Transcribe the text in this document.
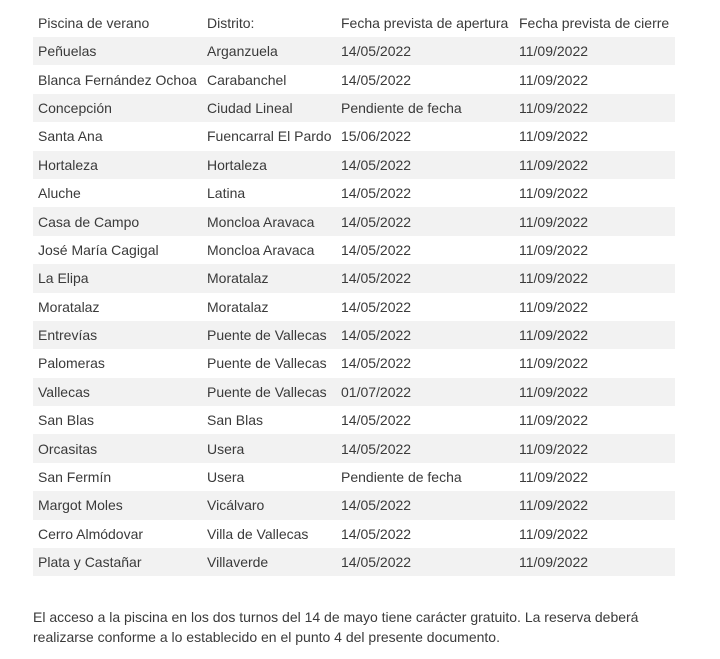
Piscina de verano	Distrito:	Fecha prevista de apertura	Fecha prevista de cierre
Peñuelas	Arganzuela	14/05/2022	11/09/2022
Blanca Fernández Ochoa	Carabanchel	14/05/2022	11/09/2022
Concepción	Ciudad Lineal	Pendiente de fecha	11/09/2022
Santa Ana	Fuencarral El Pardo	15/06/2022	11/09/2022
Hortaleza	Hortaleza	14/05/2022	11/09/2022
Aluche	Latina	14/05/2022	11/09/2022
Casa de Campo	Moncloa Aravaca	14/05/2022	11/09/2022
José María Cagigal	Moncloa Aravaca	14/05/2022	11/09/2022
La Elipa	Moratalaz	14/05/2022	11/09/2022
Moratalaz	Moratalaz	14/05/2022	11/09/2022
Entrevías	Puente de Vallecas	14/05/2022	11/09/2022
Palomeras	Puente de Vallecas	14/05/2022	11/09/2022
Vallecas	Puente de Vallecas	01/07/2022	11/09/2022
San Blas	San Blas	14/05/2022	11/09/2022
Orcasitas	Usera	14/05/2022	11/09/2022
San Fermín	Usera	Pendiente de fecha	11/09/2022
Margot Moles	Vicálvaro	14/05/2022	11/09/2022
Cerro Almódovar	Villa de Vallecas	14/05/2022	11/09/2022
Plata y Castañar	Villaverde	14/05/2022	11/09/2022

El acceso a la piscina en los dos turnos del 14 de mayo tiene carácter gratuito. La reserva deberá realizarse conforme a lo establecido en el punto 4 del presente documento.
